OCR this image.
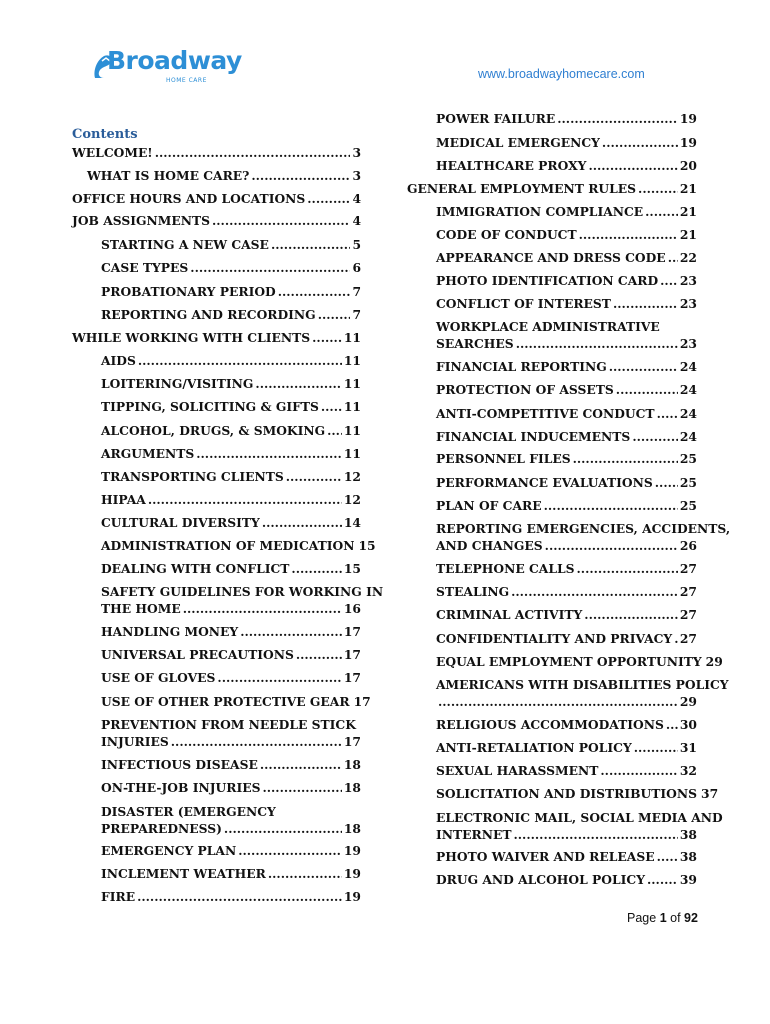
Broadway
HOME CARE	www.broadwayhomecare.com
Contents
WELCOME! .....	3
WHAT IS HOME CARE? .....	3
OFFICE HOURS AND LOCATIONS .....	4
JOB ASSIGNMENTS .....	4
STARTING A NEW CASE .....	5
CASE TYPES .....	6
PROBATIONARY PERIOD .....	7
REPORTING AND RECORDING .....	7
WHILE WORKING WITH CLIENTS .....	11
AIDS .....	11
LOITERING/VISITING .....	11
TIPPING, SOLICITING & GIFTS ..... 11
ALCOHOL, DRUGS, & SMOKING ..... 11
ARGUMENTS .....	11
TRANSPORTING CLIENTS .....	12
HIPAA .....	12
CULTURAL DIVERSITY .....	14
ADMINISTRATION OF MEDICATION 15
DEALING WITH CONFLICT .....	15
SAFETY GUIDELINES FOR WORKING IN
THE HOME .....	16
HANDLING MONEY .....	17
UNIVERSAL PRECAUTIONS .....	17
USE OF GLOVES .....	17
USE OF OTHER PROTECTIVE GEAR 17
PREVENTION FROM NEEDLE STICK
INJURIES .....	17
INFECTIOUS DISEASE .....	18
ON-THE-JOB INJURIES .....	18
DISASTER (EMERGENCY
PREPAREDNESS) .....	18
EMERGENCY PLAN .....	19
INCLEMENT WEATHER .....	19
FIRE .....	19
POWER FAILURE .....	19
MEDICAL EMERGENCY .....	19
HEALTHCARE PROXY .....	20
GENERAL EMPLOYMENT RULES .....	21
IMMIGRATION COMPLIANCE .....	21
CODE OF CONDUCT .....	21
APPEARANCE AND DRESS CODE ..... 22
PHOTO IDENTIFICATION CARD ..... 23
CONFLICT OF INTEREST .....	23
WORKPLACE ADMINISTRATIVE
SEARCHES .....	23
FINANCIAL REPORTING .....	24
PROTECTION OF ASSETS .....	24
ANTI-COMPETITIVE CONDUCT ..... 24
FINANCIAL INDUCEMENTS .....	24
PERSONNEL FILES .....	25
PERFORMANCE EVALUATIONS ..... 25
PLAN OF CARE .....	25
REPORTING EMERGENCIES, ACCIDENTS,
AND CHANGES .....	26
TELEPHONE CALLS .....	27
STEALING .....	27
CRIMINAL ACTIVITY .....	27
CONFIDENTIALITY AND PRIVACY ..... 27
EQUAL EMPLOYMENT OPPORTUNITY 29
AMERICANS WITH DISABILITIES POLICY
.....
29
RELIGIOUS ACCOMMODATIONS ..... 30
ANTI-RETALIATION POLICY .....	31
SEXUAL HARASSMENT .....	32
SOLICITATION AND DISTRIBUTIONS 37
ELECTRONIC MAIL, SOCIAL MEDIA AND
INTERNET .....	38
PHOTO WAIVER AND RELEASE ..... 38
DRUG AND ALCOHOL POLICY .....	39
Page 1 of 92
